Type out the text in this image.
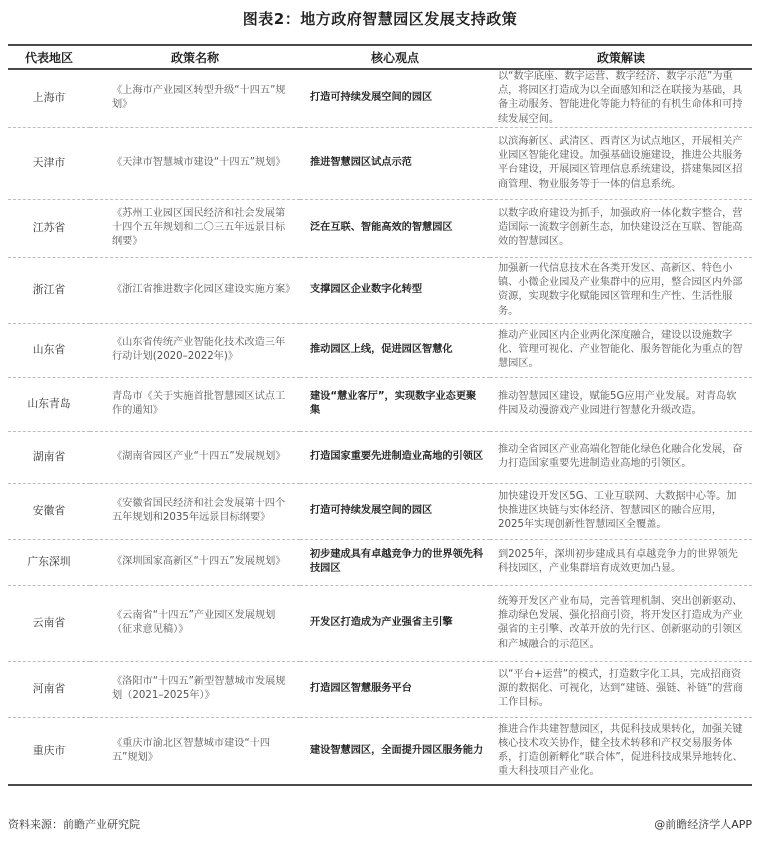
图表2：地方政府智慧园区发展支持政策
代表地区	政策名称	核心观点	政策解读
上海市	《上海市产业园区转型升级“十四五”规划》	打造可持续发展空间的园区	以“数字底座、数字运营、数字经济、数字示范”为重点，将园区打造成为以全面感知和泛在联接为基础，具备主动服务、智能进化等能力特征的有机生命体和可持续发展空间。
天津市	《天津市智慧城市建设“十四五”规划》	推进智慧园区试点示范	以滨海新区、武清区、西青区为试点地区，开展相关产业园区智能化建设。加强基础设施建设，推进公共服务平台建设，开展园区管理信息系统建设，搭建集园区招商管理、物业服务等于一体的信息系统。
江苏省	《苏州工业园区国民经济和社会发展第十四个五年规划和二〇三五年远景目标纲要》	泛在互联、智能高效的智慧园区	以数字政府建设为抓手，加强政府一体化数字整合，营造国际一流数字创新生态，加快建设泛在互联、智能高效的智慧园区。
浙江省	《浙江省推进数字化园区建设实施方案》	支撑园区企业数字化转型	加强新一代信息技术在各类开发区、高新区、特色小镇、小微企业园及产业集群中的应用，整合园区内外部资源，实现数字化赋能园区管理和生产性、生活性服务。
山东省	《山东省传统产业智能化技术改造三年行动计划(2020–2022年)》	推动园区上线，促进园区智慧化	推动产业园区内企业两化深度融合，建设以设施数字化、管理可视化、产业智能化、服务智能化为重点的智慧园区。
山东青岛	青岛市《关于实施首批智慧园区试点工作的通知》	建设“慧业客厅”，实现数字业态更聚集	推动智慧园区建设，赋能5G应用产业发展。对青岛软件园及动漫游戏产业园进行智慧化升级改造。
湖南省	《湖南省园区产业“十四五”发展规划》	打造国家重要先进制造业高地的引领区	推动全省园区产业高端化智能化绿色化融合化发展，奋力打造国家重要先进制造业高地的引领区。
安徽省	《安徽省国民经济和社会发展第十四个五年规划和2035年远景目标纲要》	打造可持续发展空间的园区	加快建设开发区5G、工业互联网、大数据中心等。加快推进区块链与实体经济、智慧园区的融合应用，2025年实现创新性智慧园区全覆盖。
广东深圳	《深圳国家高新区“十四五”发展规划》	初步建成具有卓越竞争力的世界领先科技园区	到2025年，深圳初步建成具有卓越竞争力的世界领先科技园区，产业集群培育成效更加凸显。
云南省	《云南省“十四五”产业园区发展规划（征求意见稿）》	开发区打造成为产业强省主引擎	统筹开发区产业布局，完善管理机制、突出创新驱动、推动绿色发展、强化招商引资，将开发区打造成为产业强省的主引擎、改革开放的先行区、创新驱动的引领区和产城融合的示范区。
河南省	《洛阳市“十四五”新型智慧城市发展规划（2021–2025年）》	打造园区智慧服务平台	以“平台+运营”的模式，打造数字化工具，完成招商资源的数据化、可视化，达到“建链、强链、补链”的营商工作目标。
重庆市	《重庆市渝北区智慧城市建设“十四五”规划》	建设智慧园区，全面提升园区服务能力	推进合作共建智慧园区，共促科技成果转化，加强关键核心技术攻关协作，健全技术转移和产权交易服务体系，打造创新孵化“联合体”，促进科技成果异地转化、重大科技项目产业化。
资料来源：前瞻产业研究院	@前瞻经济学人APP
